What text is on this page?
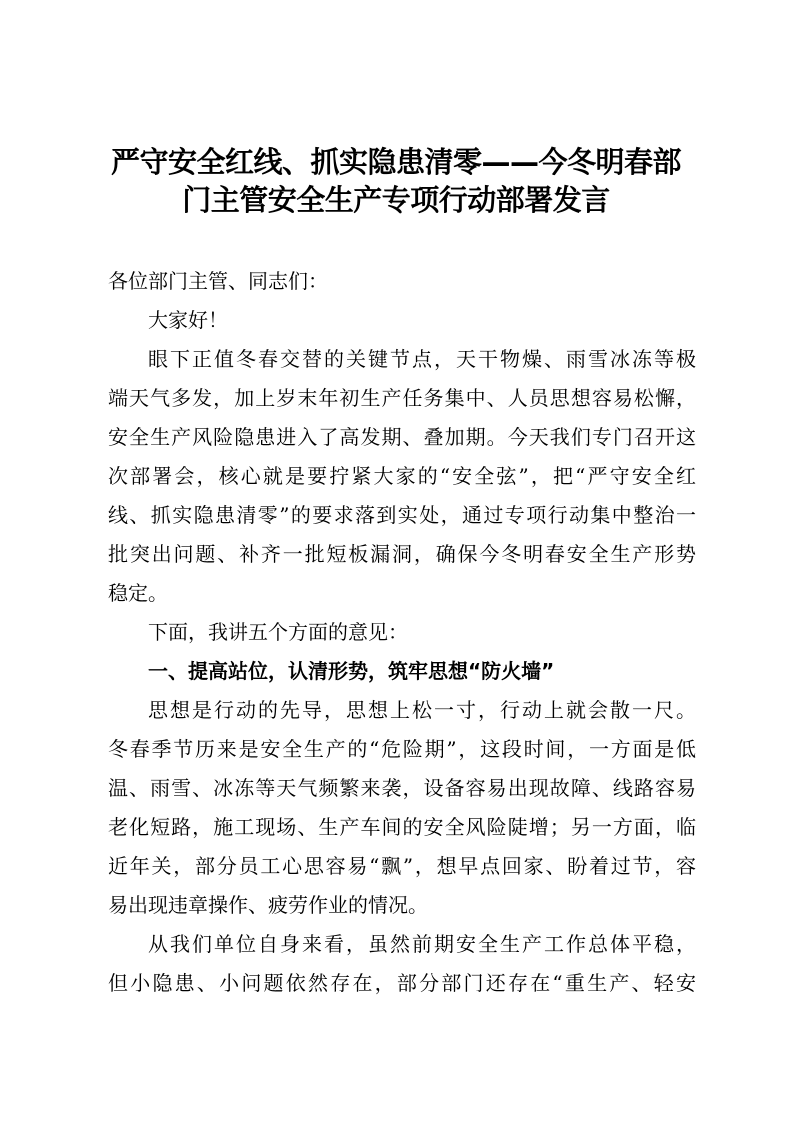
严守安全红线、抓实隐患清零——今冬明春部
门主管安全生产专项行动部署发言
各位部门主管、同志们：
大家好！
眼下正值冬春交替的关键节点，天干物燥、雨雪冰冻等极
端天气多发，加上岁末年初生产任务集中、人员思想容易松懈，
安全生产风险隐患进入了高发期、叠加期。今天我们专门召开这
次部署会，核心就是要拧紧大家的“安全弦”，把“严守安全红
线、抓实隐患清零”的要求落到实处，通过专项行动集中整治一
批突出问题、补齐一批短板漏洞，确保今冬明春安全生产形势
稳定。
下面，我讲五个方面的意见：
一、提高站位，认清形势，筑牢思想“防火墙”
思想是行动的先导，思想上松一寸，行动上就会散一尺。
冬春季节历来是安全生产的“危险期”，这段时间，一方面是低
温、雨雪、冰冻等天气频繁来袭，设备容易出现故障、线路容易
老化短路，施工现场、生产车间的安全风险陡增；另一方面，临
近年关，部分员工心思容易“飘”，想早点回家、盼着过节，容
易出现违章操作、疲劳作业的情况。
从我们单位自身来看，虽然前期安全生产工作总体平稳，
但小隐患、小问题依然存在，部分部门还存在“重生产、轻安
